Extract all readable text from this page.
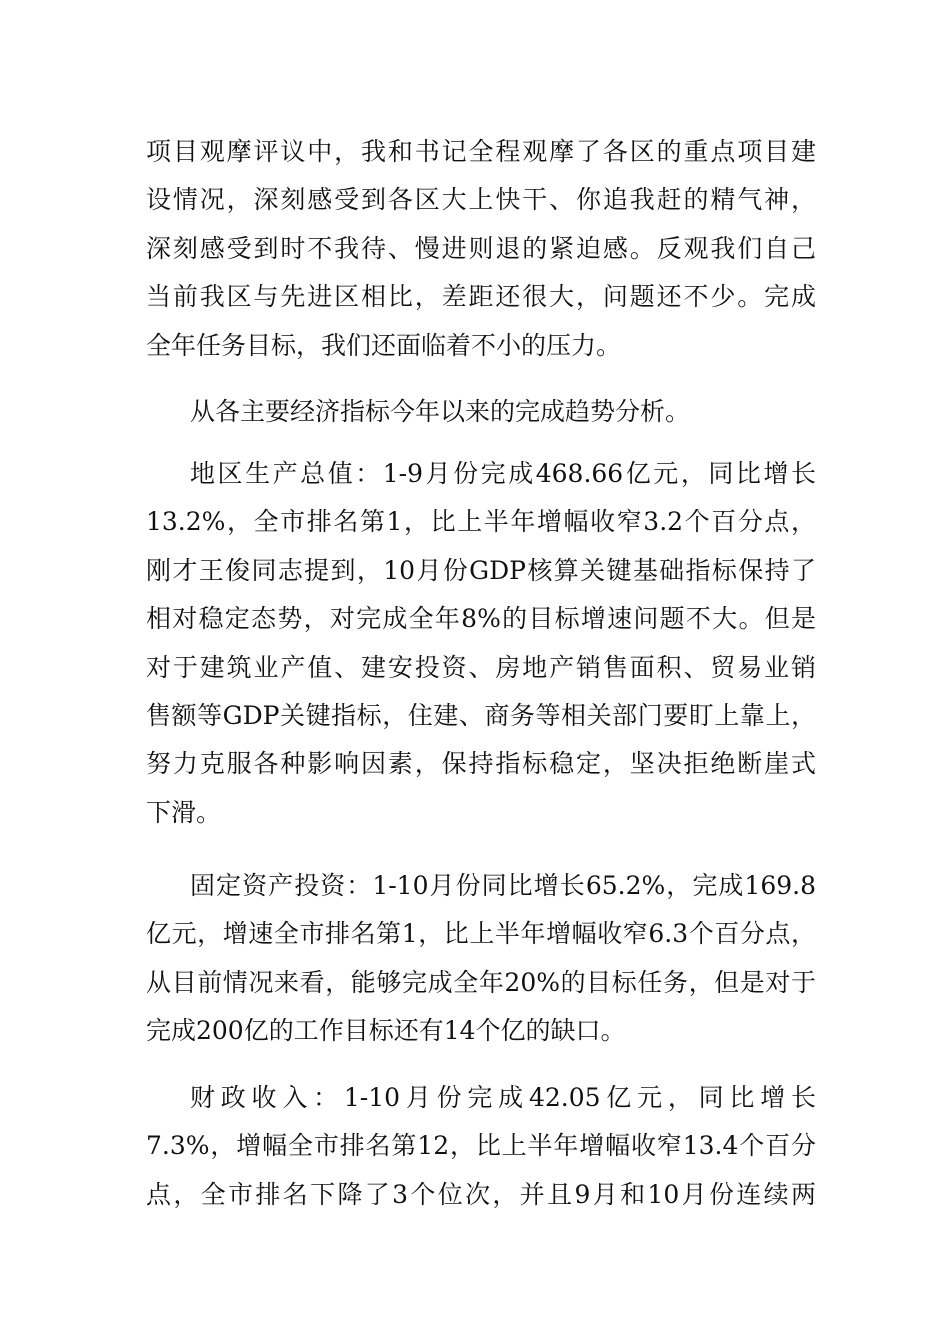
项目观摩评议中，我和书记全程观摩了各区的重点项目建
设情况，深刻感受到各区大上快干、你追我赶的精气神，
深刻感受到时不我待、慢进则退的紧迫感。反观我们自己
当前我区与先进区相比，差距还很大，问题还不少。完成
全年任务目标，我们还面临着不小的压力。
从各主要经济指标今年以来的完成趋势分析。
地区生产总值：1-9月份完成468.66亿元，同比增长
13.2%，全市排名第1，比上半年增幅收窄3.2个百分点，
刚才王俊同志提到，10月份GDP核算关键基础指标保持了
相对稳定态势，对完成全年8%的目标增速问题不大。但是
对于建筑业产值、建安投资、房地产销售面积、贸易业销
售额等GDP关键指标，住建、商务等相关部门要盯上靠上，
努力克服各种影响因素，保持指标稳定，坚决拒绝断崖式
下滑。
固定资产投资：1-10月份同比增长65.2%，完成169.8
亿元，增速全市排名第1，比上半年增幅收窄6.3个百分点，
从目前情况来看，能够完成全年20%的目标任务，但是对于
完成200亿的工作目标还有14个亿的缺口。
财政收入：1-10月份完成42.05亿元，同比增长
7.3%，增幅全市排名第12，比上半年增幅收窄13.4个百分
点，全市排名下降了3个位次，并且9月和10月份连续两
